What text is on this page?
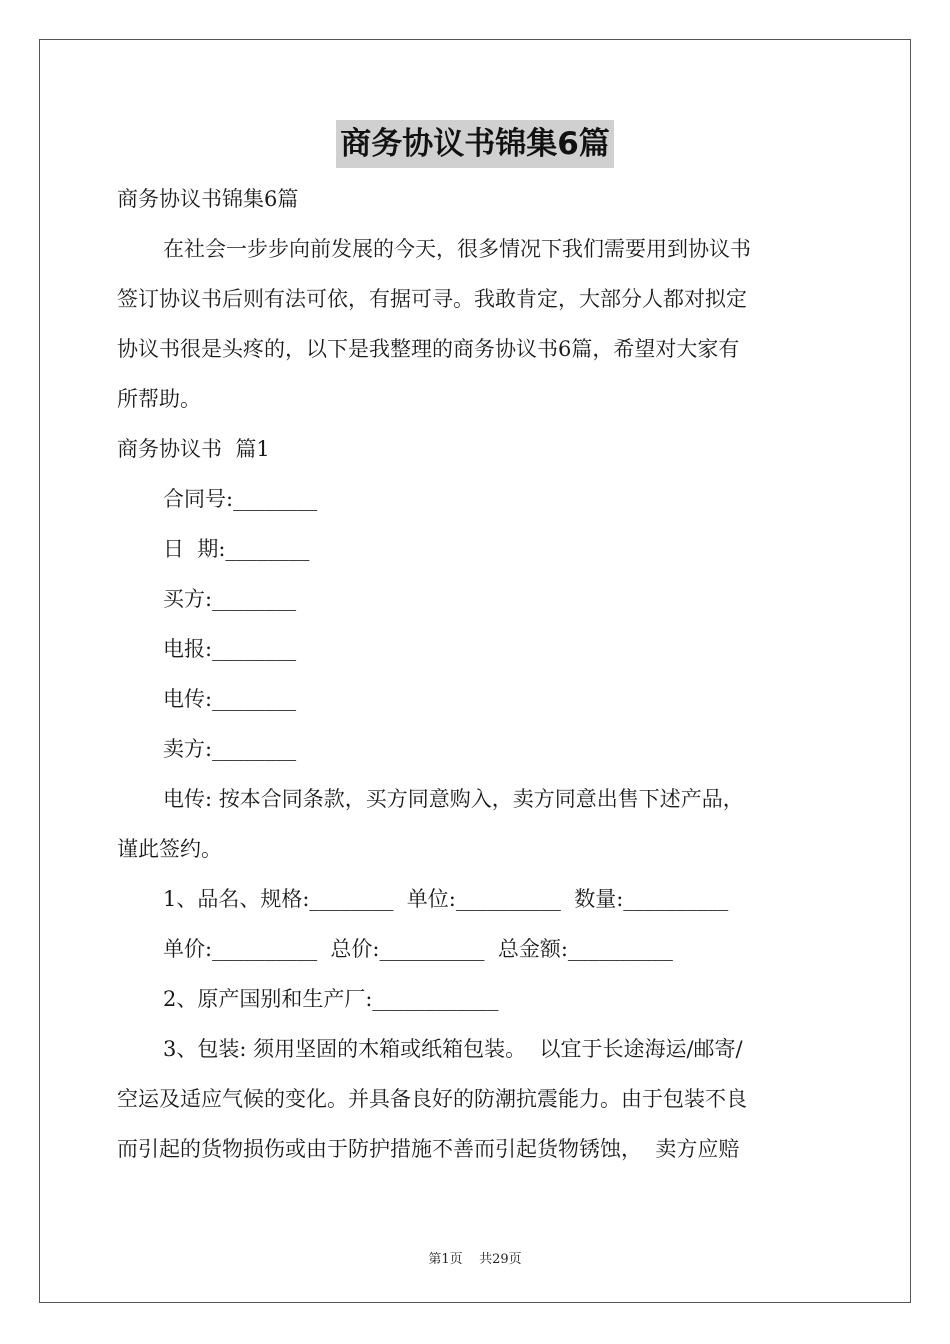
商务协议书锦集6篇
商务协议书锦集6篇
在社会一步步向前发展的今天，很多情况下我们需要用到协议书
签订协议书后则有法可依，有据可寻。我敢肯定，大部分人都对拟定
协议书很是头疼的，以下是我整理的商务协议书6篇，希望对大家有
所帮助。
商务协议书  篇1
合同号:________
日  期:________
买方:________
电报:________
电传:________
卖方:________
电传: 按本合同条款，买方同意购入，卖方同意出售下述产品，
谨此签约。
1、品名、规格:________  单位:__________  数量:__________
单价:__________  总价:__________  总金额:__________
2、原产国别和生产厂:____________
3、包装: 须用坚固的木箱或纸箱包装。  以宜于长途海运/邮寄/
空运及适应气候的变化。并具备良好的防潮抗震能力。由于包装不良
而引起的货物损伤或由于防护措施不善而引起货物锈蚀，  卖方应赔
第1页    共29页
